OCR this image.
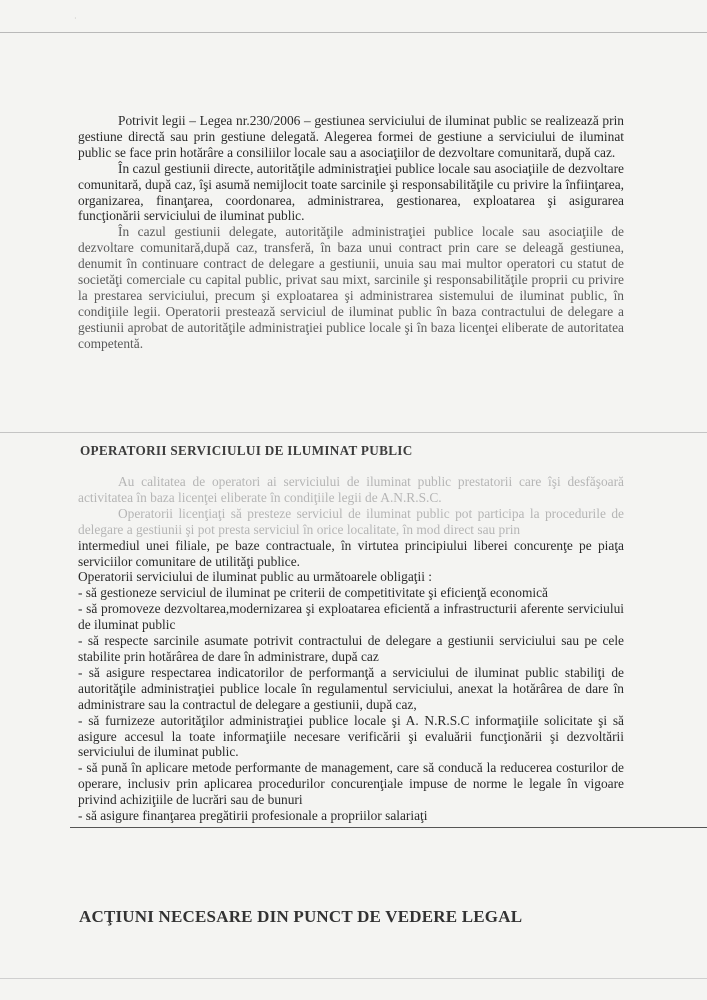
·

Potrivit legii – Legea nr.230/2006 – gestiunea serviciului de iluminat public se realizează prin gestiune directă sau prin gestiune delegată. Alegerea formei de gestiune a serviciului de iluminat public se face prin hotărâre a consiliilor locale sau a asociaţiilor de dezvoltare comunitară, după caz.

În cazul gestiunii directe, autorităţile administraţiei publice locale sau asociaţiile de dezvoltare comunitară, după caz, îşi asumă nemijlocit toate sarcinile şi responsabilităţile cu privire la înfiinţarea, organizarea, finanţarea, coordonarea, administrarea, gestionarea, exploatarea şi asigurarea funcţionării serviciului de iluminat public.

În cazul gestiunii delegate, autorităţile administraţiei publice locale sau asociaţiile de dezvoltare comunitară,după caz, transferă, în baza unui contract prin care se deleagă gestiunea, denumit în continuare contract de delegare a gestiunii, unuia sau mai multor operatori cu statut de societăţi comerciale cu capital public, privat sau mixt, sarcinile şi responsabilităţile proprii cu privire la prestarea serviciului, precum şi exploatarea şi administrarea sistemului de iluminat public, în condiţiile legii. Operatorii prestează serviciul de iluminat public în baza contractului de delegare a gestiunii aprobat de autorităţile administraţiei publice locale şi în baza licenţei eliberate de autoritatea competentă.

OPERATORII SERVICIULUI DE ILUMINAT PUBLIC

Au calitatea de operatori ai serviciului de iluminat public prestatorii care îşi desfăşoară activitatea în baza licenţei eliberate în condiţiile legii de A.N.R.S.C.

Operatorii licenţiaţi să presteze serviciul de iluminat public pot participa la procedurile de delegare a gestiunii şi pot presta serviciul în orice localitate, în mod direct sau prin

intermediul unei filiale, pe baze contractuale, în virtutea principiului liberei concurenţe pe piaţa serviciilor comunitare de utilităţi publice.

Operatorii serviciului de iluminat public au următoarele obligaţii :

- să gestioneze serviciul de iluminat pe criterii de competitivitate şi eficienţă economică

- să promoveze dezvoltarea,modernizarea şi exploatarea eficientă a infrastructurii aferente serviciului de iluminat public

- să respecte sarcinile asumate potrivit contractului de delegare a gestiunii serviciului sau pe cele stabilite prin hotărârea de dare în administrare, după caz

- să asigure respectarea indicatorilor de performanţă a serviciului de iluminat public stabiliţi de autorităţile administraţiei publice locale în regulamentul serviciului, anexat la hotărârea de dare în administrare sau la contractul de delegare a gestiunii, după caz,

- să furnizeze autorităţilor administraţiei publice locale şi A. N.R.S.C informaţiile solicitate şi să asigure accesul la toate informaţiile necesare verificării şi evaluării funcţionării şi dezvoltării serviciului de iluminat public.

- să pună în aplicare metode performante de management, care să conducă la reducerea costurilor de operare, inclusiv prin aplicarea procedurilor concurenţiale impuse de norme le legale în vigoare privind achiziţiile de lucrări sau de bunuri

- să asigure finanţarea pregătirii profesionale a propriilor salariaţi

ACŢIUNI NECESARE DIN PUNCT DE VEDERE LEGAL
